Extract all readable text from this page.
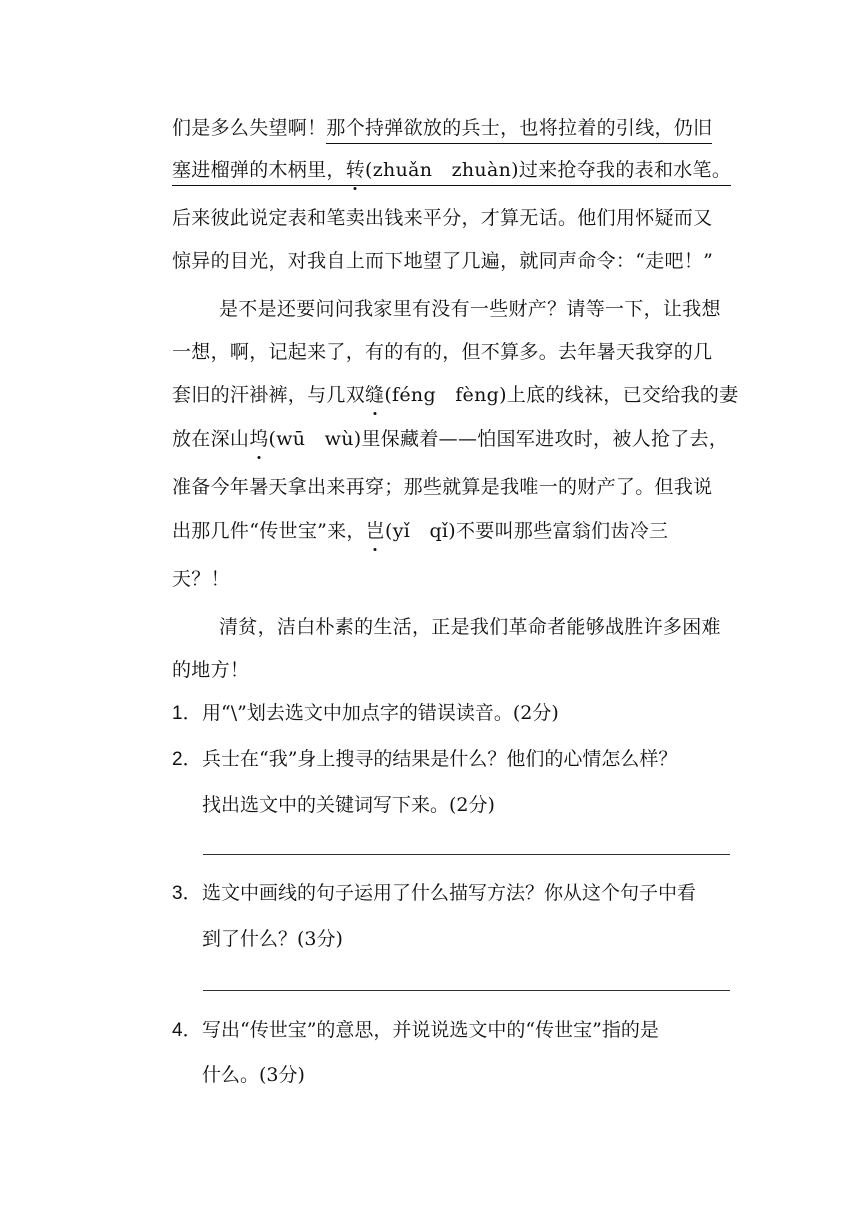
们是多么失望啊！那个持弹欲放的兵士，也将拉着的引线，仍旧
塞进榴弹的木柄里，转(zhuǎn　zhuàn)过来抢夺我的表和水笔。
后来彼此说定表和笔卖出钱来平分，才算无话。他们用怀疑而又
惊异的目光，对我自上而下地望了几遍，就同声命令：“走吧！”
是不是还要问问我家里有没有一些财产？请等一下，让我想
一想，啊，记起来了，有的有的，但不算多。去年暑天我穿的几
套旧的汗褂裤，与几双缝(féng　fèng)上底的线袜，已交给我的妻
放在深山坞(wū　wù)里保藏着——怕国军进攻时，被人抢了去，
准备今年暑天拿出来再穿；那些就算是我唯一的财产了。但我说
出那几件“传世宝”来，岂(yǐ　qǐ)不要叫那些富翁们齿冷三
天？！
清贫，洁白朴素的生活，正是我们革命者能够战胜许多困难
的地方！
1．用“\”划去选文中加点字的错误读音。(2分)
2．兵士在“我”身上搜寻的结果是什么？他们的心情怎么样？
找出选文中的关键词写下来。(2分)
3．选文中画线的句子运用了什么描写方法？你从这个句子中看
到了什么？(3分)
4．写出“传世宝”的意思，并说说选文中的“传世宝”指的是
什么。(3分)
